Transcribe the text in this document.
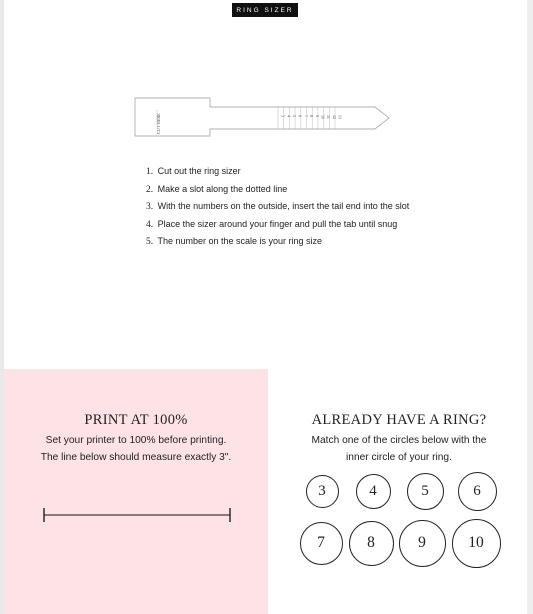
RING SIZER
CUT HERE	3 4 5 6 7 8 9 10 11 12 13
1. Cut out the ring sizer
2. Make a slot along the dotted line
3. With the numbers on the outside, insert the tail end into the slot
4. Place the sizer around your finger and pull the tab until snug
5. The number on the scale is your ring size
PRINT AT 100%
Set your printer to 100% before printing.
The line below should measure exactly 3".
ALREADY HAVE A RING?
Match one of the circles below with the
inner circle of your ring.
3	4	5	6
7	8	9	10
